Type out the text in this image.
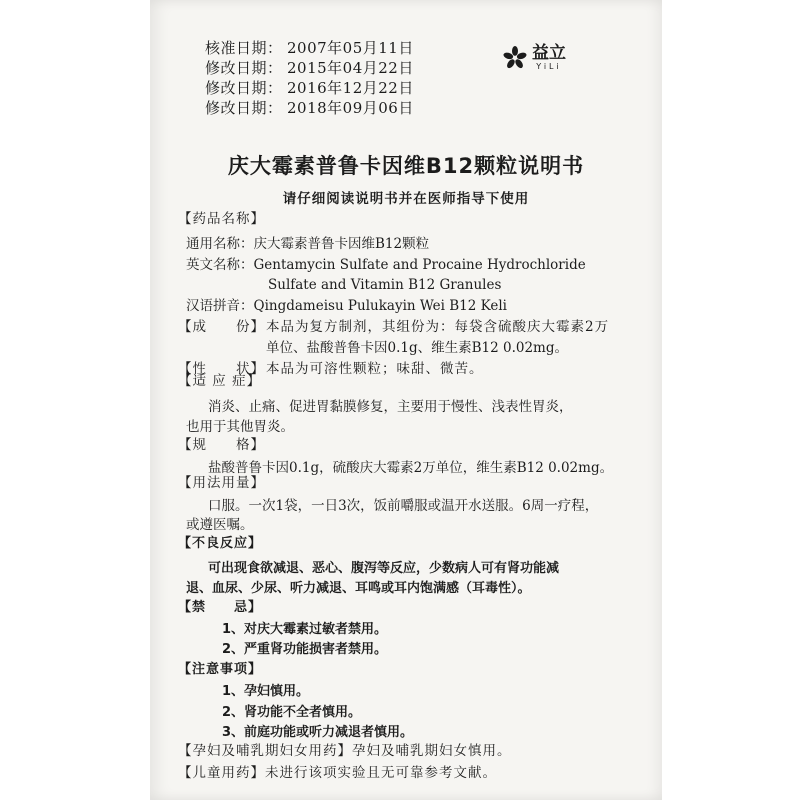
核准日期： 2007年05月11日
修改日期： 2015年04月22日
修改日期： 2016年12月22日
修改日期： 2018年09月06日
益立
YiLi
庆大霉素普鲁卡因维B12颗粒说明书
请仔细阅读说明书并在医师指导下使用
【药品名称】
通用名称：庆大霉素普鲁卡因维B12颗粒
英文名称：Gentamycin Sulfate and Procaine Hydrochloride
Sulfate and Vitamin B12 Granules
汉语拼音：Qingdameisu Pulukayin Wei B12 Keli
【成　　份】本品为复方制剂，其组份为：每袋含硫酸庆大霉素2万
单位、盐酸普鲁卡因0.1g、维生素B12 0.02mg。
【性　　状】本品为可溶性颗粒；味甜、微苦。
【适 应 症】
消炎、止痛、促进胃黏膜修复，主要用于慢性、浅表性胃炎，
也用于其他胃炎。
【规　　格】
盐酸普鲁卡因0.1g，硫酸庆大霉素2万单位，维生素B12 0.02mg。
【用法用量】
口服。一次1袋，一日3次，饭前嚼服或温开水送服。6周一疗程，
或遵医嘱。
【不良反应】
可出现食欲减退、恶心、腹泻等反应，少数病人可有肾功能减
退、血尿、少尿、听力减退、耳鸣或耳内饱满感（耳毒性）。
【禁　　忌】
1、对庆大霉素过敏者禁用。
2、严重肾功能损害者禁用。
【注意事项】
1、孕妇慎用。
2、肾功能不全者慎用。
3、前庭功能或听力减退者慎用。
【孕妇及哺乳期妇女用药】孕妇及哺乳期妇女慎用。
【儿童用药】未进行该项实验且无可靠参考文献。
